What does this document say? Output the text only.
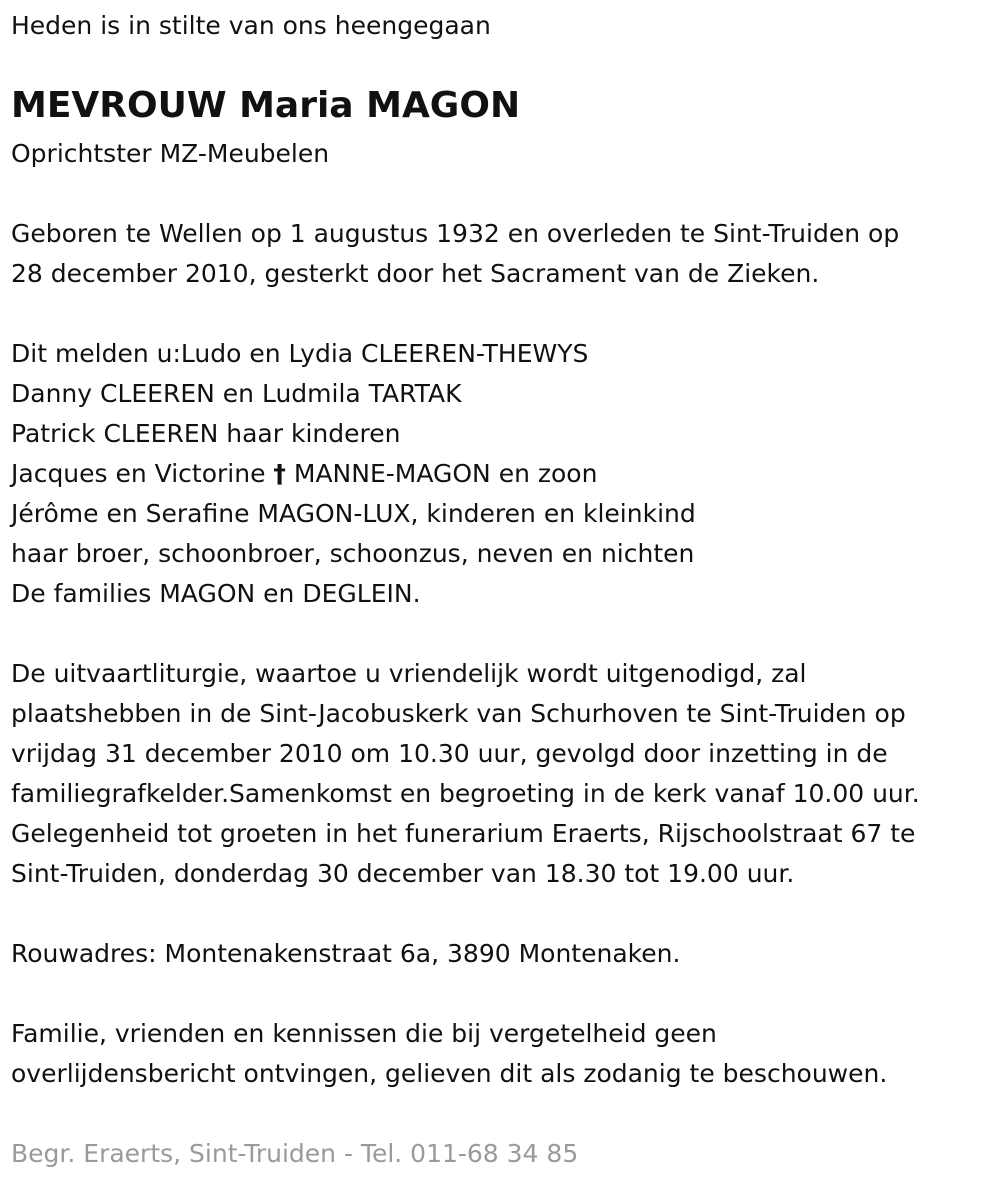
Heden is in stilte van ons heengegaan
MEVROUW Maria MAGON
Oprichtster MZ-Meubelen
Geboren te Wellen op 1 augustus 1932 en overleden te Sint-Truiden op
28 december 2010, gesterkt door het Sacrament van de Zieken.
Dit melden u:Ludo en Lydia CLEEREN-THEWYS
Danny CLEEREN en Ludmila TARTAK
Patrick CLEEREN haar kinderen
Jacques en Victorine † MANNE-MAGON en zoon
Jérôme en Serafine MAGON-LUX, kinderen en kleinkind
haar broer, schoonbroer, schoonzus, neven en nichten
De families MAGON en DEGLEIN.
De uitvaartliturgie, waartoe u vriendelijk wordt uitgenodigd, zal
plaatshebben in de Sint-Jacobuskerk van Schurhoven te Sint-Truiden op
vrijdag 31 december 2010 om 10.30 uur, gevolgd door inzetting in de
familiegrafkelder.Samenkomst en begroeting in de kerk vanaf 10.00 uur.
Gelegenheid tot groeten in het funerarium Eraerts, Rijschoolstraat 67 te
Sint-Truiden, donderdag 30 december van 18.30 tot 19.00 uur.
Rouwadres: Montenakenstraat 6a, 3890 Montenaken.
Familie, vrienden en kennissen die bij vergetelheid geen
overlijdensbericht ontvingen, gelieven dit als zodanig te beschouwen.
Begr. Eraerts, Sint-Truiden - Tel. 011-68 34 85
